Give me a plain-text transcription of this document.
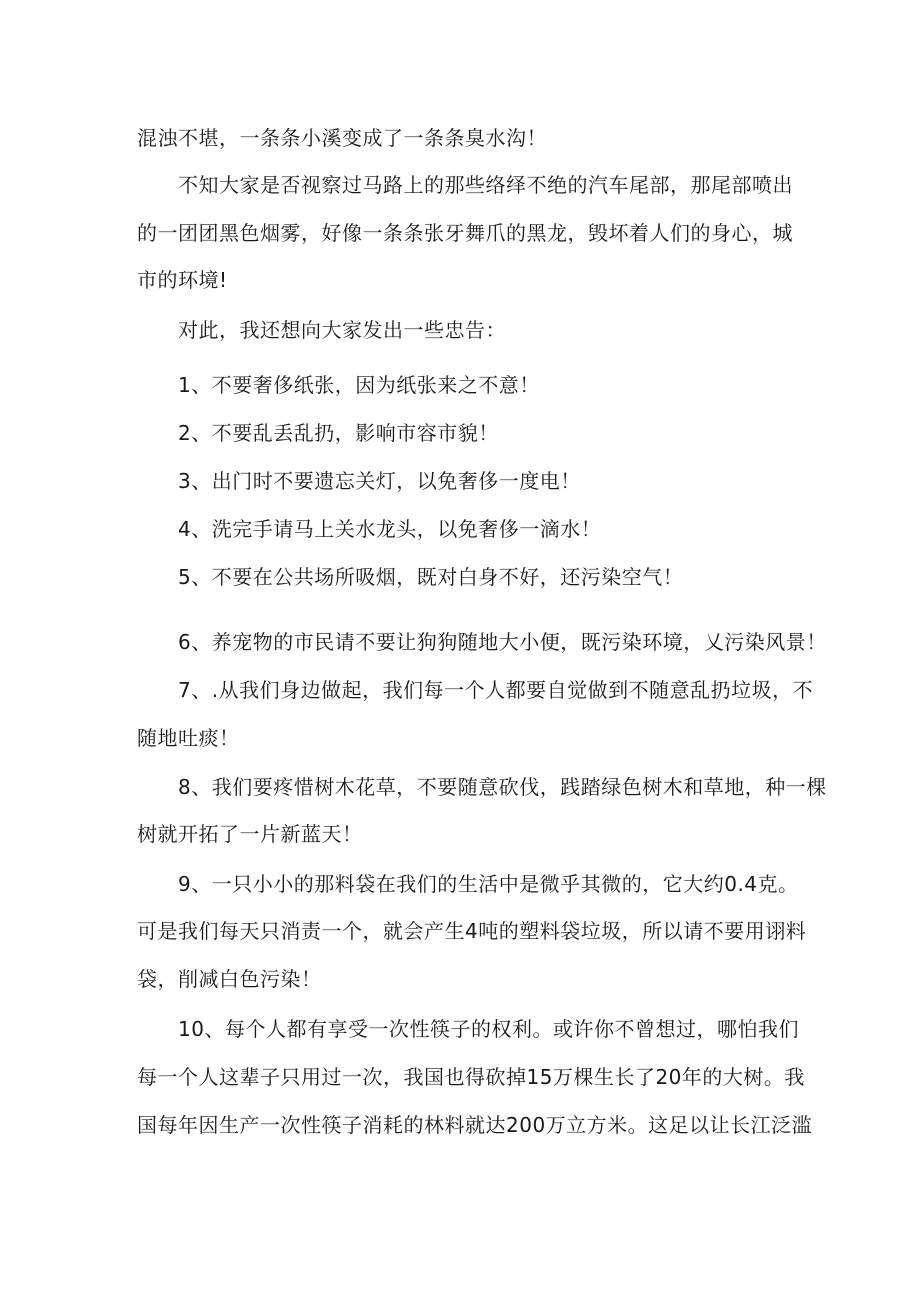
混浊不堪，一条条小溪变成了一条条臭水沟！
不知大家是否视察过马路上的那些络绎不绝的汽车尾部，那尾部喷出
的一团团黑色烟雾，好像一条条张牙舞爪的黑龙，毁坏着人们的身心，城
市的环境!
对此，我还想向大家发出一些忠告：
1、不要奢侈纸张，因为纸张来之不意！
2、不要乱丢乱扔，影响市容市貌！
3、出门时不要遗忘关灯，以免奢侈一度电！
4、洗完手请马上关水龙头，以免奢侈一滴水！
5、不要在公共场所吸烟，既对白身不好，还污染空气！
6、养宠物的市民请不要让狗狗随地大小便，既污染环境，乂污染风景！
7、.从我们身边做起，我们每一个人都要自觉做到不随意乱扔垃圾，不
随地吐痰！
8、我们要疼惜树木花草，不要随意砍伐，践踏绿色树木和草地，种一棵
树就开拓了一片新蓝天！
9、一只小小的那料袋在我们的生活中是微乎其微的，它大约0.4克。
可是我们每天只消责一个，就会产生4吨的塑料袋垃圾，所以请不要用诩料
袋，削减白色污染！
10、每个人都有享受一次性筷子的权利。或许你不曾想过，哪怕我们
每一个人这辈子只用过一次，我国也得砍掉15万棵生长了20年的大树。我
国每年因生产一次性筷子消耗的林料就达200万立方米。这足以让长江泛滥
